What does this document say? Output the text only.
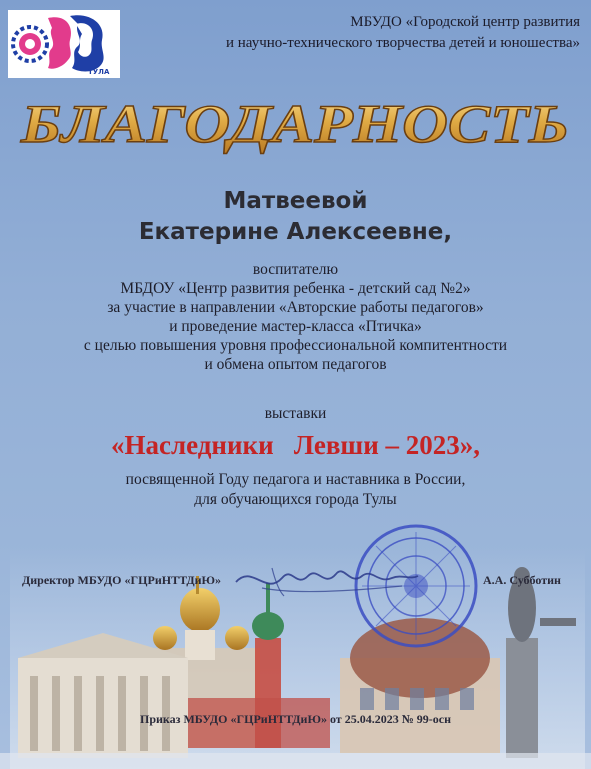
ТУЛА
МБУДО «Городской центр развития
и научно-технического творчества детей и юношества»
БЛАГОДАРНОСТЬ
Матвеевой
Екатерине Алексеевне,
воспитателю
МБДОУ «Центр развития ребенка - детский сад №2»
за участие в направлении «Авторские работы педагогов»
и проведение мастер-класса «Птичка»
с целью повышения уровня профессиональной компитентности
и обмена опытом педагогов
выставки
«Наследники   Левши – 2023»,
посвященной Году педагога и наставника в России,
для обучающихся города Тулы
Директор МБУДО «ГЦРиНТТДиЮ»	А.А. Субботин
Приказ МБУДО «ГЦРиНТТДиЮ» от 25.04.2023 № 99-осн
